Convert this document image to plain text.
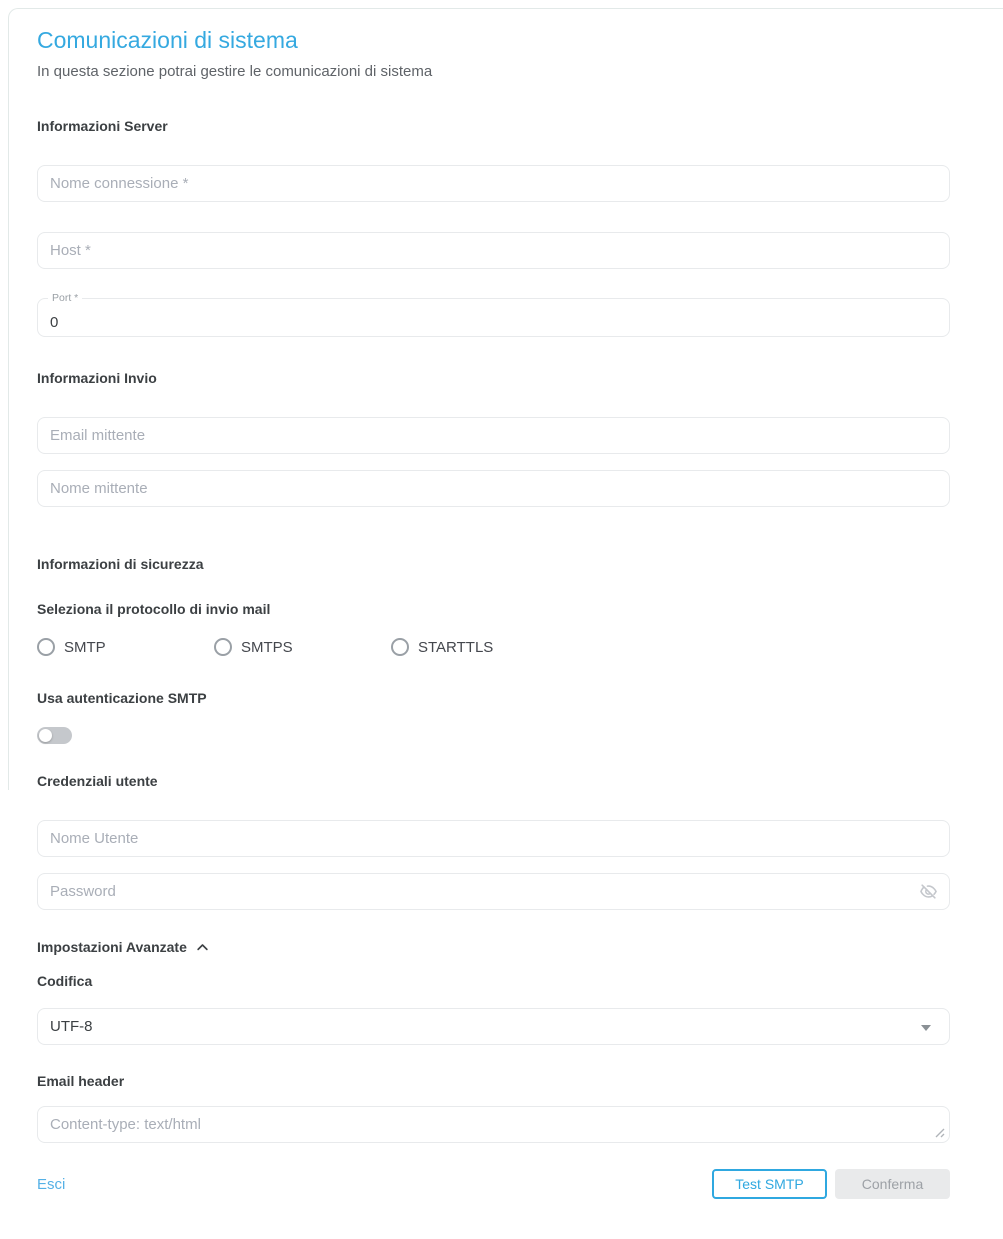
Comunicazioni di sistema
In questa sezione potrai gestire le comunicazioni di sistema
Informazioni Server
Nome connessione *
Host *
Port *
0
Informazioni Invio
Email mittente
Nome mittente
Informazioni di sicurezza
Seleziona il protocollo di invio mail
SMTP	SMTPS	STARTTLS
Usa autenticazione SMTP
Credenziali utente
Nome Utente
Impostazioni Avanzate
Codifica
UTF-8
Email header
Content-type: text/html
Esci	Test SMTP	Conferma
